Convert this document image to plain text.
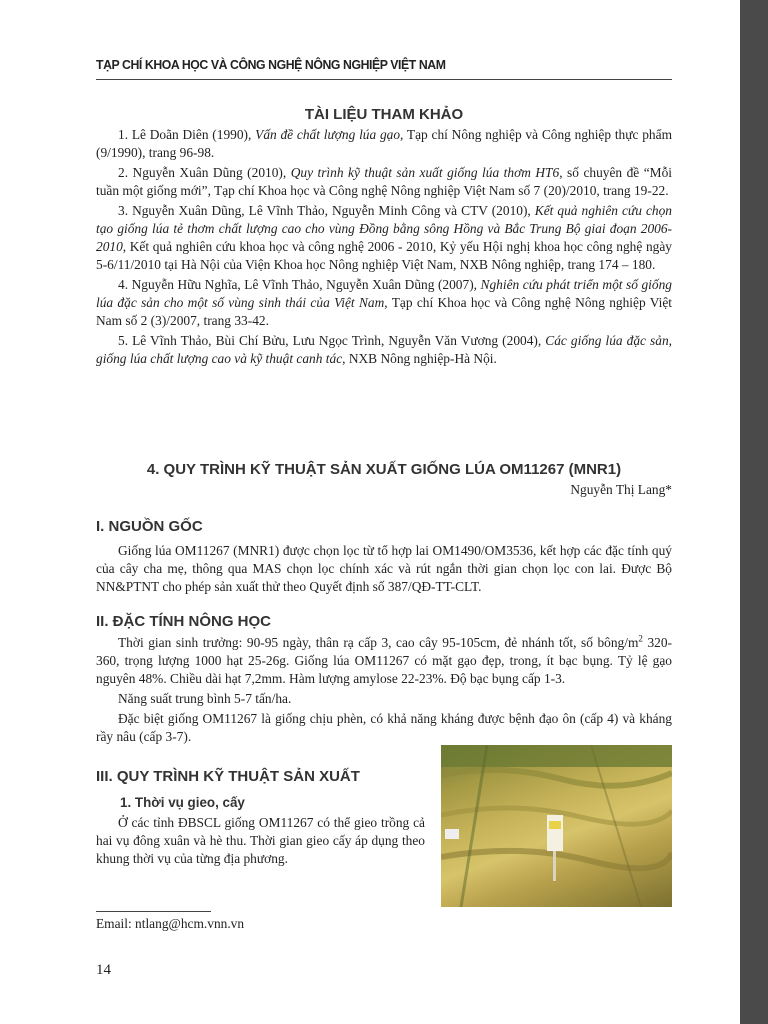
TẠP CHÍ KHOA HỌC VÀ CÔNG NGHỆ NÔNG NGHIỆP VIỆT NAM
TÀI LIỆU THAM KHẢO

1. Lê Doãn Diên (1990), Vấn đề chất lượng lúa gạo, Tạp chí Nông nghiệp và Công nghiệp thực phẩm (9/1990), trang 96-98.

2. Nguyễn Xuân Dũng (2010), Quy trình kỹ thuật sản xuất giống lúa thơm HT6, số chuyên đề “Mỗi tuần một giống mới”, Tạp chí Khoa học và Công nghệ Nông nghiệp Việt Nam số 7 (20)/2010, trang 19-22.

3. Nguyễn Xuân Dũng, Lê Vĩnh Thảo, Nguyễn Minh Công và CTV (2010), Kết quả nghiên cứu chọn tạo giống lúa tẻ thơm chất lượng cao cho vùng Đồng bằng sông Hồng và Bắc Trung Bộ giai đoạn 2006-2010, Kết quả nghiên cứu khoa học và công nghệ 2006 - 2010, Kỷ yếu Hội nghị khoa học công nghệ ngày 5-6/11/2010 tại Hà Nội của Viện Khoa học Nông nghiệp Việt Nam, NXB Nông nghiệp, trang 174 – 180.

4. Nguyễn Hữu Nghĩa, Lê Vĩnh Thảo, Nguyễn Xuân Dũng (2007), Nghiên cứu phát triển một số giống lúa đặc sản cho một số vùng sinh thái của Việt Nam, Tạp chí Khoa học và Công nghệ Nông nghiệp Việt Nam số 2 (3)/2007, trang 33-42.

5. Lê Vĩnh Thảo, Bùi Chí Bửu, Lưu Ngọc Trình, Nguyễn Văn Vương (2004), Các giống lúa đặc sản, giống lúa chất lượng cao và kỹ thuật canh tác, NXB Nông nghiệp-Hà Nội.

4. QUY TRÌNH KỸ THUẬT SẢN XUẤT GIỐNG LÚA OM11267 (MNR1)
Nguyễn Thị Lang*
I. NGUỒN GỐC

Giống lúa OM11267 (MNR1) được chọn lọc từ tổ hợp lai OM1490/OM3536, kết hợp các đặc tính quý của cây cha mẹ, thông qua MAS chọn lọc chính xác và rút ngắn thời gian chọn lọc con lai. Được Bộ NN&PTNT cho phép sản xuất thử theo Quyết định số 387/QĐ-TT-CLT.

II. ĐẶC TÍNH NÔNG HỌC

Thời gian sinh trưởng: 90-95 ngày, thân rạ cấp 3, cao cây 95-105cm, đẻ nhánh tốt, số bông/$m^2$ 320-360, trọng lượng 1000 hạt 25-26g. Giống lúa OM11267 có mặt gạo đẹp, trong, ít bạc bụng. Tỷ lệ gạo nguyên 48%. Chiều dài hạt 7,2mm. Hàm lượng amylose 22-23%. Độ bạc bụng cấp 1-3.

Năng suất trung bình 5-7 tấn/ha.

Đặc biệt giống OM11267 là giống chịu phèn, có khả năng kháng được bệnh đạo ôn (cấp 4) và kháng rầy nâu (cấp 3-7).

III. QUY TRÌNH KỸ THUẬT SẢN XUẤT
1. Thời vụ gieo, cấy

Ở các tỉnh ĐBSCL giống OM11267 có thể gieo trồng cả hai vụ đông xuân và hè thu. Thời gian gieo cấy áp dụng theo khung thời vụ của từng địa phương.

Email: ntlang@hcm.vnn.vn
14
